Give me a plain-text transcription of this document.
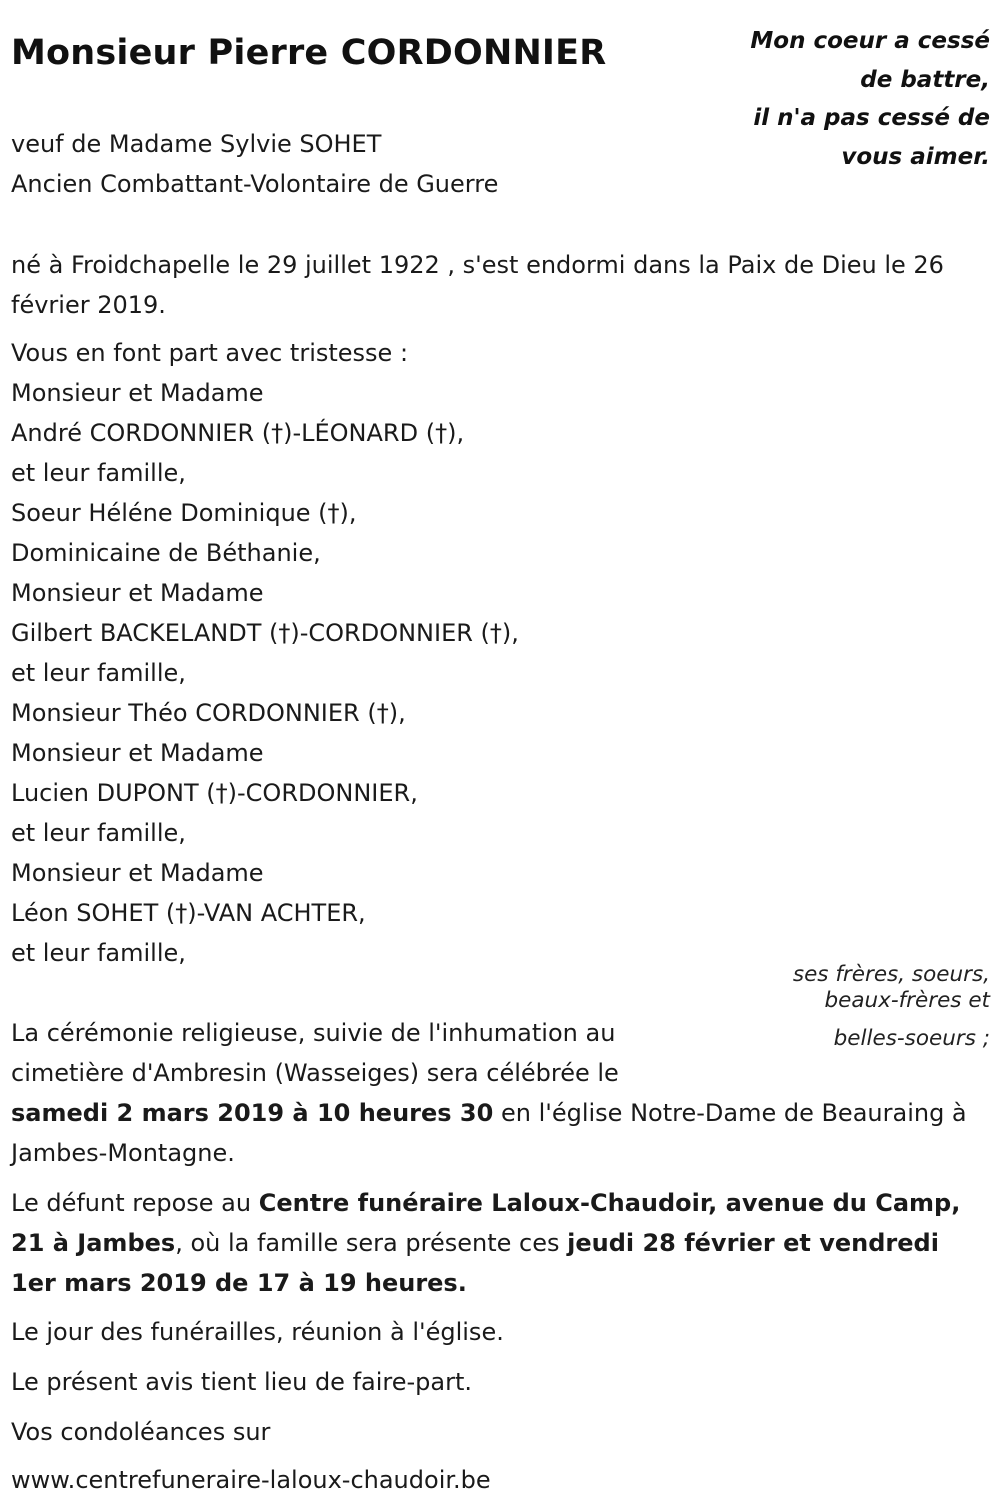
Monsieur Pierre CORDONNIER	Mon coeur a cessé
de battre,
il n'a pas cessé de
vous aimer.
veuf de Madame Sylvie SOHET
Ancien Combattant-Volontaire de Guerre

né à Froidchapelle le 29 juillet 1922 , s'est endormi dans la Paix de Dieu le 26 février 2019.

Vous en font part avec tristesse :
Monsieur et Madame
André CORDONNIER (†)-LÉONARD (†),
et leur famille,
Soeur Héléne Dominique (†),
Dominicaine de Béthanie,
Monsieur et Madame
Gilbert BACKELANDT (†)-CORDONNIER (†),
et leur famille,
Monsieur Théo CORDONNIER (†),
Monsieur et Madame
Lucien DUPONT (†)-CORDONNIER,
et leur famille,
Monsieur et Madame
Léon SOHET (†)-VAN ACHTER,
et leur famille,
ses frères, soeurs,
beaux-frères et
belles-soeurs ;
La cérémonie religieuse, suivie de l'inhumation au
cimetière d'Ambresin (Wasseiges) sera célébrée le

samedi 2 mars 2019 à 10 heures 30 en l'église Notre-Dame de Beauraing à Jambes-Montagne.

Le défunt repose au Centre funéraire Laloux-Chaudoir, avenue du Camp, 21 à Jambes, où la famille sera présente ces jeudi 28 février et vendredi 1er mars 2019 de 17 à 19 heures.

Le jour des funérailles, réunion à l'église.

Le présent avis tient lieu de faire-part.

Vos condoléances sur

www.centrefuneraire-laloux-chaudoir.be
